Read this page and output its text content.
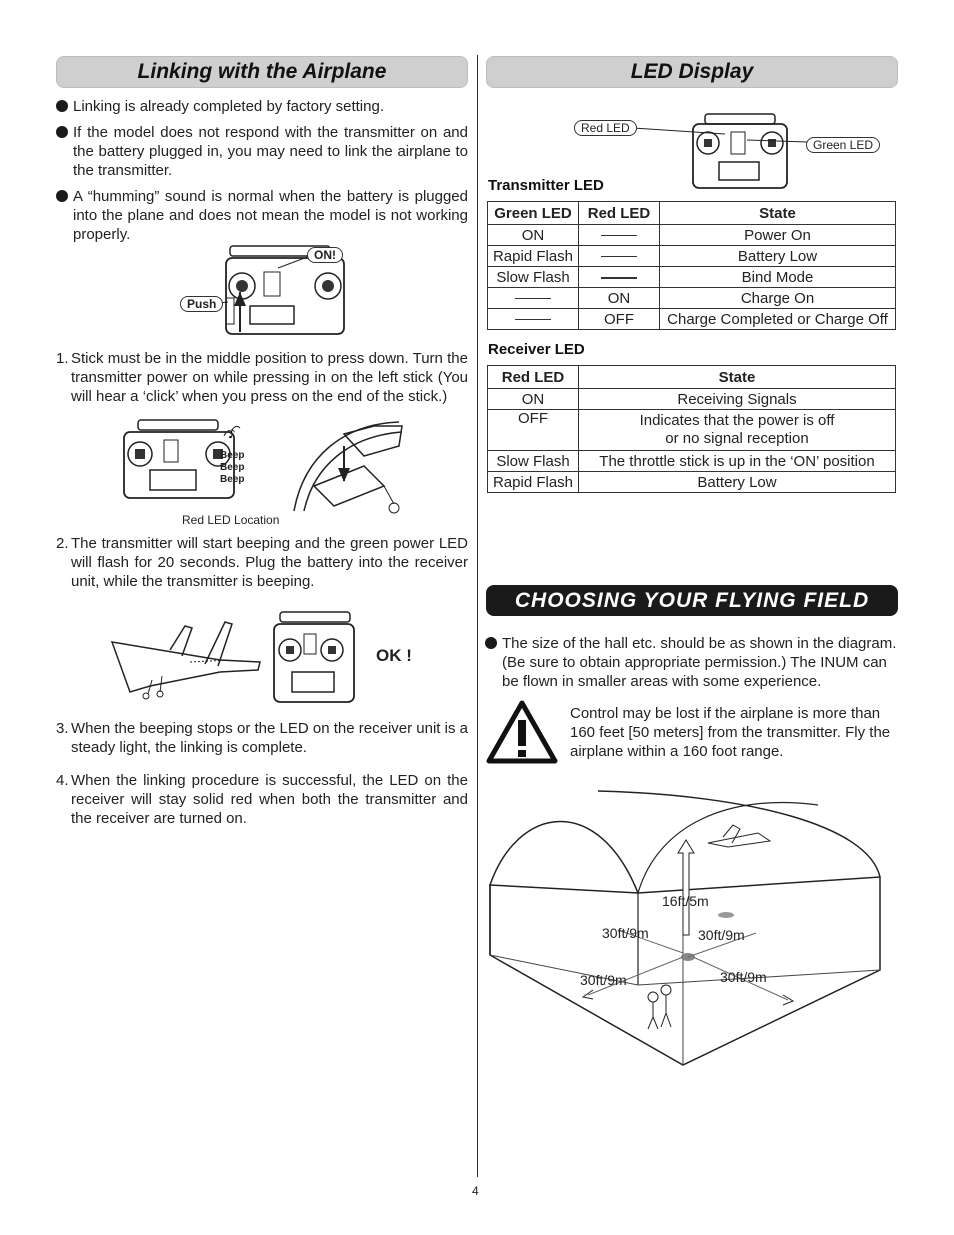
Linking with the Airplane
Linking is already completed by factory setting.
If the model does not respond with the transmitter on and the battery plugged in, you may need to link the airplane to the transmitter.
A “humming” sound is normal when the battery is plugged into the plane and does not mean the model is not working properly.
ON!
Push
1. Stick must be in the middle position to press down. Turn the transmitter power on while pressing in on the left stick (You will hear a ‘click’ when you press on the end of the stick.)
♪
Beep
Beep
Beep
Red LED Location
2. The transmitter will start beeping and the green power LED will flash for 20 seconds. Plug the battery into the receiver unit, while the transmitter is beeping.
OK !
3. When the beeping stops or the LED on the receiver unit is a steady light, the linking is complete.
4. When the linking procedure is successful, the LED on the receiver will stay solid red when both the transmitter and the receiver are turned on.
LED Display
Red LED
Green LED
Transmitter LED
Green LED	Red LED	State
ON		Power On
Rapid Flash		Battery Low
Slow Flash		Bind Mode
	ON	Charge On
	OFF	Charge Completed or Charge Off
Receiver LED
Red LED	State
ON	Receiving Signals
OFF	Indicates that the power is off
or no signal reception

Slow Flash	The throttle stick is up in the ‘ON’ position
Rapid Flash	Battery Low
CHOOSING YOUR FLYING FIELD
The size of the hall etc. should be as shown in the diagram. (Be sure to obtain appropriate permission.) The INUM can be flown in smaller areas with some experience.
Control may be lost if the airplane is more than 160 feet [50 meters] from the transmitter. Fly the airplane within a 160 foot range.
16ft/5m
30ft/9m	30ft/9m
30ft/9m	30ft/9m
4
